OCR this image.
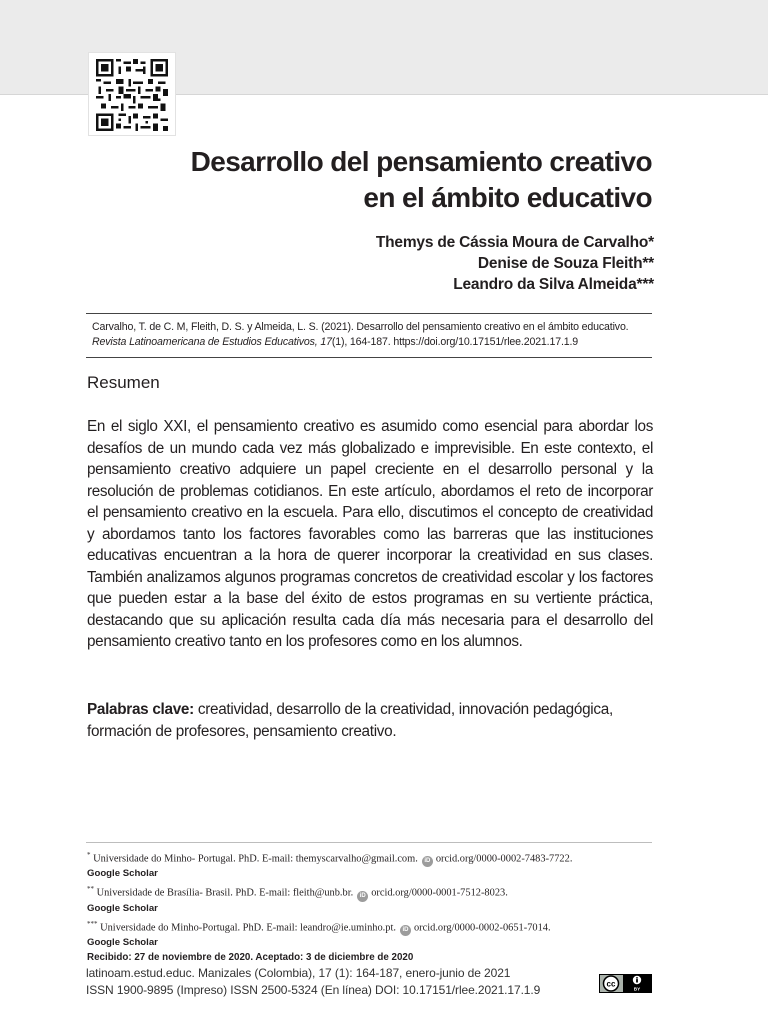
Desarrollo del pensamiento creativo
en el ámbito educativo
Themys de Cássia Moura de Carvalho*
Denise de Souza Fleith**
Leandro da Silva Almeida***
Carvalho, T. de C. M, Fleith, D. S. y Almeida, L. S. (2021). Desarrollo del pensamiento creativo en el ámbito educativo.
Revista Latinoamericana de Estudios Educativos, 17(1), 164-187. https://doi.org/10.17151/rlee.2021.17.1.9
Resumen

En el siglo XXI, el pensamiento creativo es asumido como esencial para abordar los desafíos de un mundo cada vez más globalizado e imprevisible. En este contexto, el pensamiento creativo adquiere un papel creciente en el desarrollo personal y la resolución de problemas cotidianos. En este artículo, abordamos el reto de incorporar el pensamiento creativo en la escuela. Para ello, discutimos el concepto de creatividad y abordamos tanto los factores favorables como las barreras que las instituciones educativas encuentran a la hora de querer incorporar la creatividad en sus clases. También analizamos algunos programas concretos de creatividad escolar y los factores que pueden estar a la base del éxito de estos programas en su vertiente práctica, destacando que su aplicación resulta cada día más necesaria para el desarrollo del pensamiento creativo tanto en los profesores como en los alumnos.

Palabras clave: creatividad, desarrollo de la creatividad, innovación pedagógica, formación de profesores, pensamiento creativo.

* Universidade do Minho- Portugal. PhD. E-mail: themyscarvalho@gmail.com. iD orcid.org/0000-0002-7483-7722.
Google Scholar
** Universidade de Brasília- Brasil. PhD. E-mail: fleith@unb.br. iD orcid.org/0000-0001-7512-8023.
Google Scholar
*** Universidade do Minho-Portugal. PhD. E-mail: leandro@ie.uminho.pt. iD orcid.org/0000-0002-0651-7014.
Google Scholar
Recibido: 27 de noviembre de 2020. Aceptado: 3 de diciembre de 2020
latinoam.estud.educ. Manizales (Colombia), 17 (1): 164-187, enero-junio de 2021
ISSN 1900-9895 (Impreso) ISSN 2500-5324 (En línea) DOI: 10.17151/rlee.2021.17.1.9	cc
BY
